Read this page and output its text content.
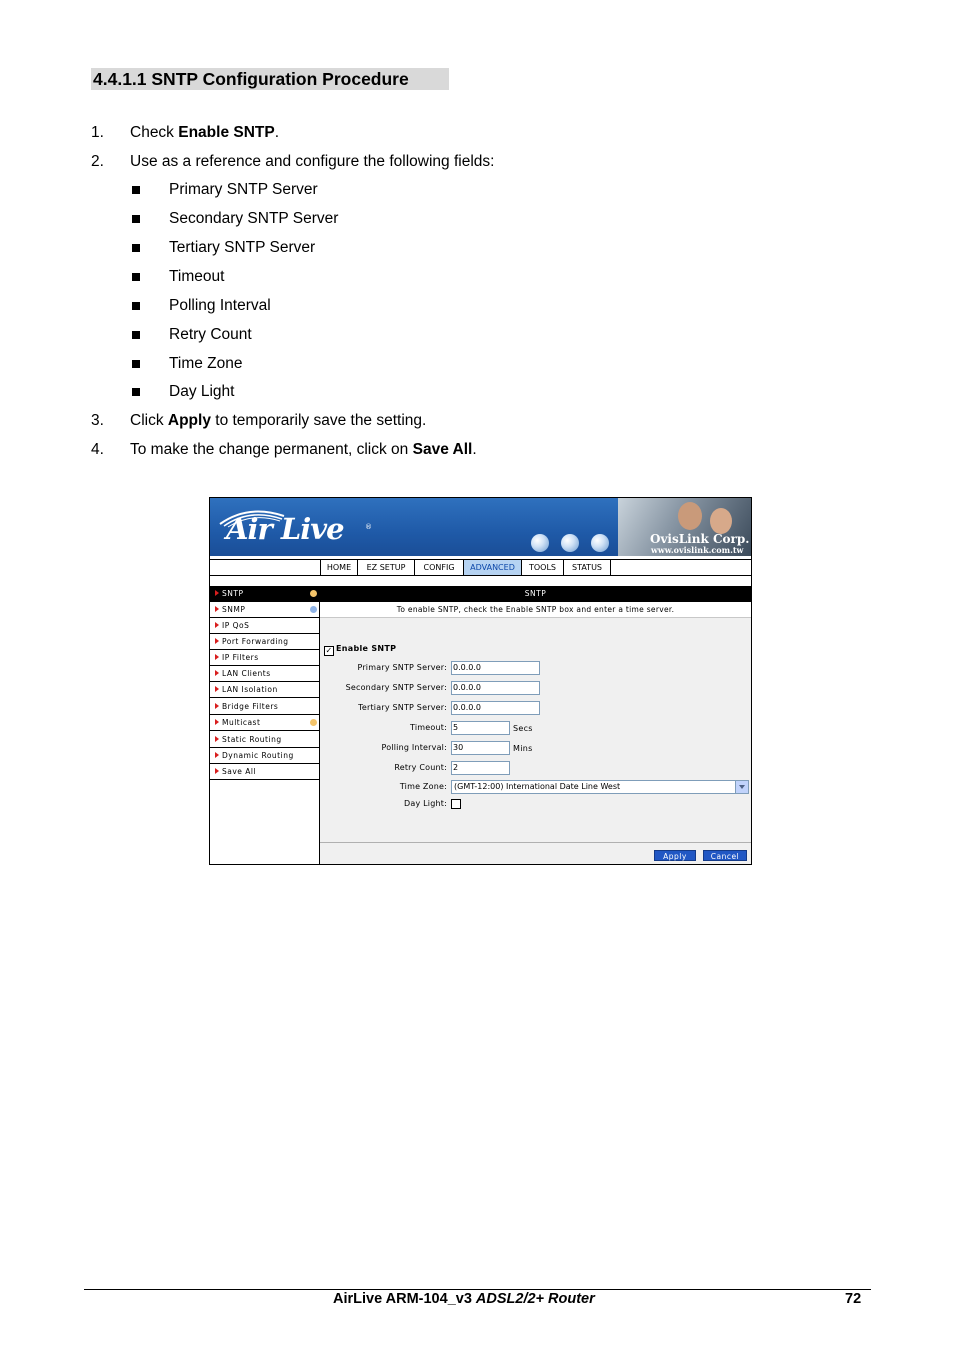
4.4.1.1 SNTP Configuration Procedure
1.	Check Enable SNTP.
2.	Use as a reference and configure the following fields:
Primary SNTP Server
Secondary SNTP Server
Tertiary SNTP Server
Timeout
Polling Interval
Retry Count
Time Zone
Day Light
3.	Click Apply to temporarily save the setting.
4.	To make the change permanent, click on Save All.
Air Live	®
OvisLink Corp.
www.ovislink.com.tw
HOME	EZ SETUP	CONFIG	ADVANCED	TOOLS	STATUS
SNTP
SNMP
IP QoS
Port Forwarding
IP Filters
LAN Clients
LAN Isolation
Bridge Filters
Multicast
Static Routing
Dynamic Routing
Save All
SNTP
To enable SNTP, check the Enable SNTP box and enter a time server.
✓ Enable SNTP
Primary SNTP Server: 0.0.0.0
Secondary SNTP Server: 0.0.0.0
Tertiary SNTP Server: 0.0.0.0
Timeout: 5	Secs
Polling Interval: 30	Mins
Retry Count: 2
Time Zone: (GMT-12:00) International Date Line West
Day Light:
Apply	Cancel
AirLive ARM-104_v3 ADSL2/2+ Router	72
